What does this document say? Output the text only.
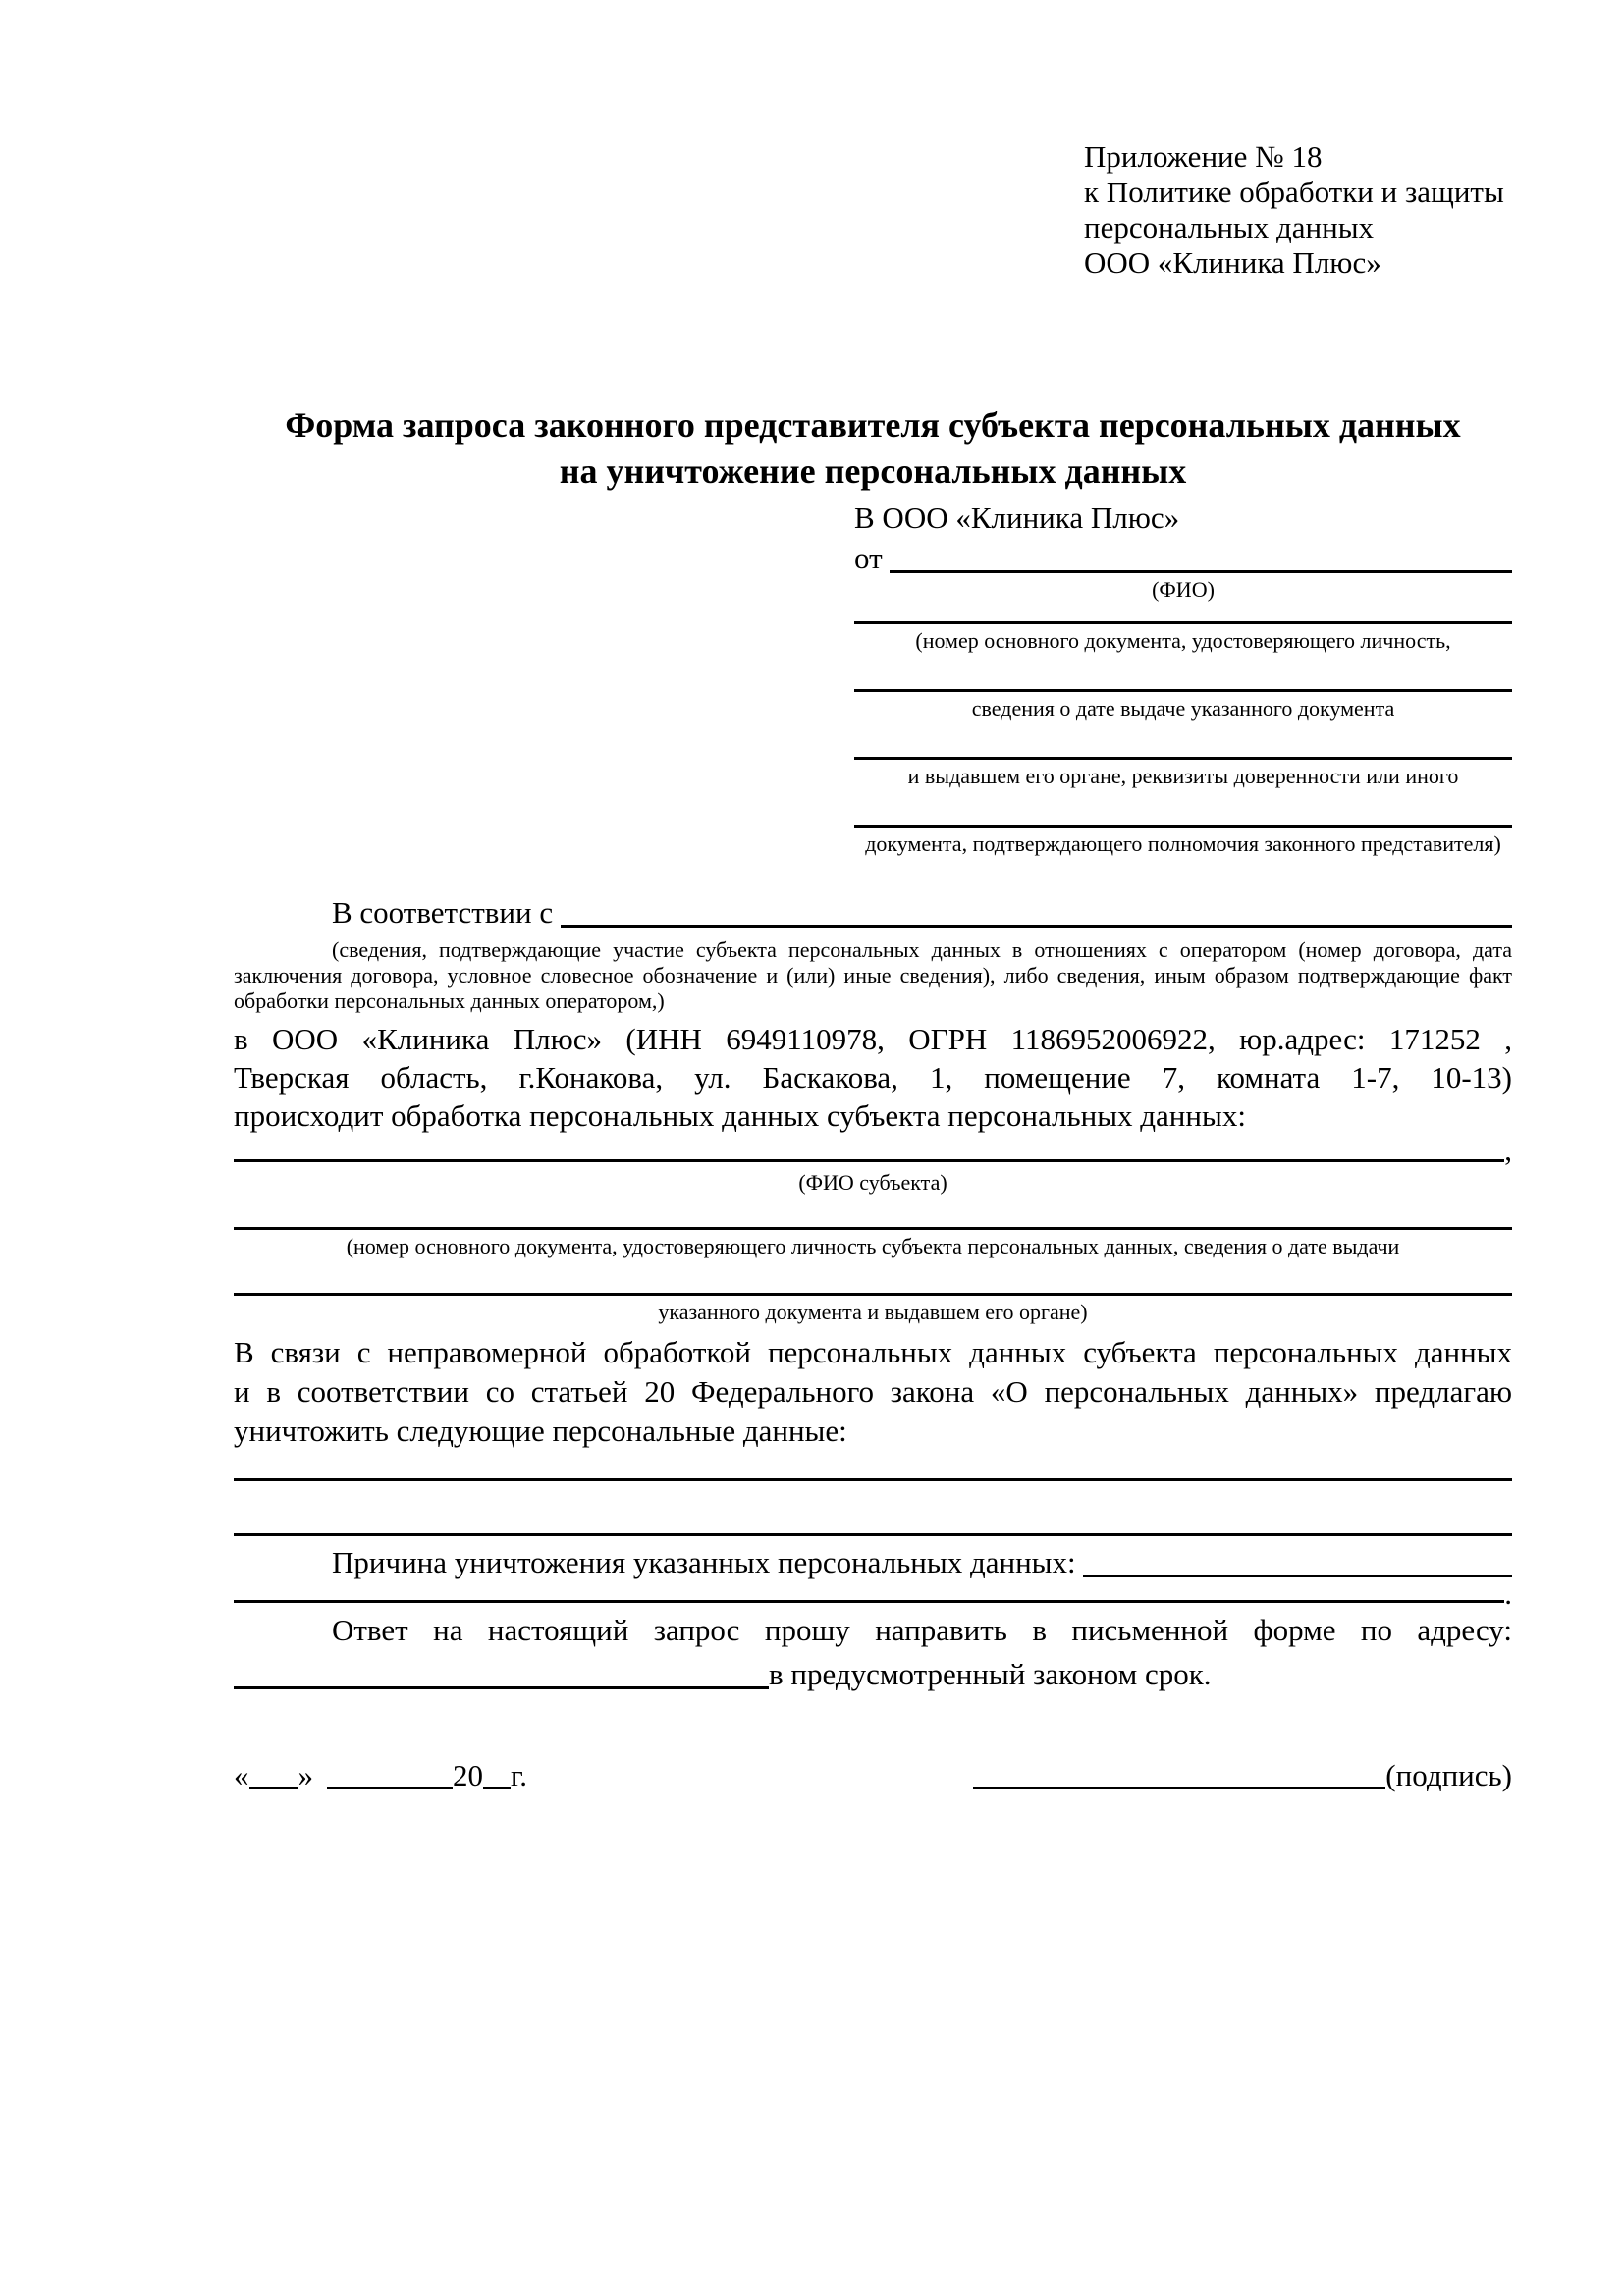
Приложение № 18
к Политике обработки и защиты
персональных данных
ООО «Клиника Плюс»
Форма запроса законного представителя субъекта персональных данных
на уничтожение персональных данных
В ООО «Клиника Плюс»
от
(ФИО)
(номер основного документа, удостоверяющего личность,
сведения о дате выдаче указанного документа
и выдавшем его органе, реквизиты доверенности или иного
документа, подтверждающего полномочия законного представителя)
В соответствии с
(сведения, подтверждающие участие субъекта персональных данных в отношениях с оператором (номер договора, дата
заключения договора, условное словесное обозначение и (или) иные сведения), либо сведения, иным образом подтверждающие факт
обработки персональных данных оператором,)
в ООО «Клиника Плюс» (ИНН 6949110978, ОГРН 1186952006922, юр.адрес: 171252 ,
Тверская область, г.Конакова, ул. Баскакова, 1, помещение 7, комната 1-7, 10-13)
происходит обработка персональных данных субъекта персональных данных:
,
(ФИО субъекта)
(номер основного документа, удостоверяющего личность субъекта персональных данных, сведения о дате выдачи
указанного документа и выдавшем его органе)
В связи с неправомерной обработкой персональных данных субъекта персональных данных
и в соответствии со статьей 20 Федерального закона «О персональных данных» предлагаю
уничтожить следующие персональные данные:
Причина уничтожения указанных персональных данных:
.
Ответ на настоящий запрос прошу направить в письменной форме по адресу:
в предусмотренный законом срок.
« »	20 г.	(подпись)
